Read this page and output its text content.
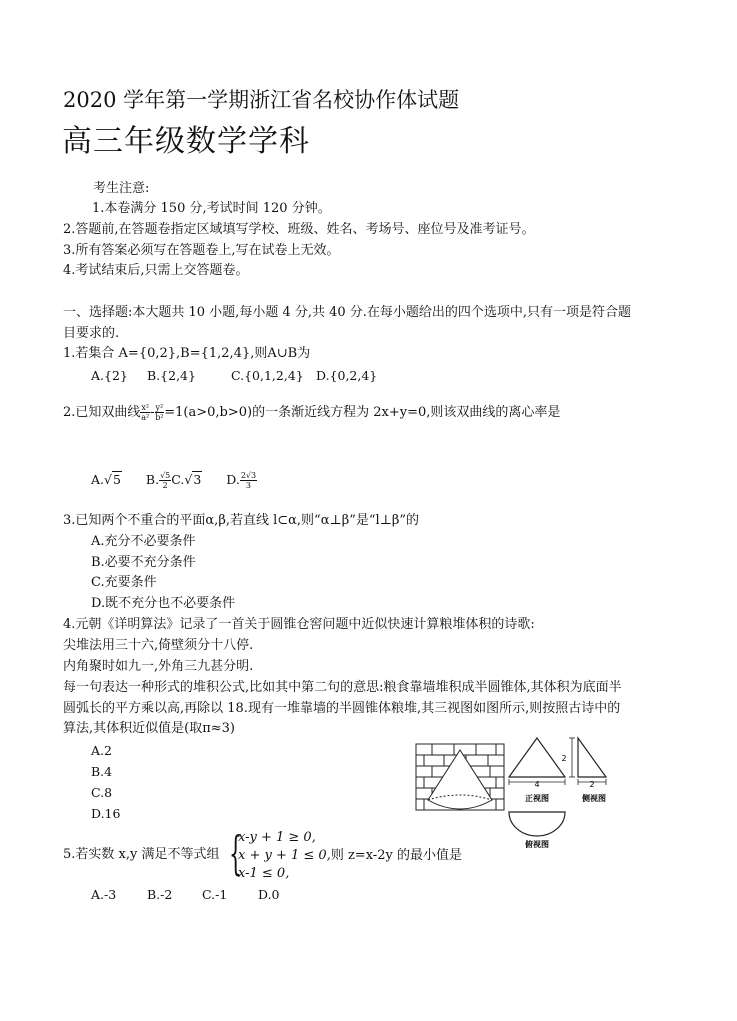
2020 学年第一学期浙江省名校协作体试题
高三年级数学学科
考生注意:
1.本卷满分 150 分,考试时间 120 分钟。
2.答题前,在答题卷指定区域填写学校、班级、姓名、考场号、座位号及准考证号。
3.所有答案必须写在答题卷上,写在试卷上无效。
4.考试结束后,只需上交答题卷。
一、选择题:本大题共 10 小题,每小题 4 分,共 40 分.在每小题给出的四个选项中,只有一项是符合题
目要求的.
1.若集合 A={0,2},B={1,2,4},则A∪B为
A.{2} B.{2,4}	C.{0,1,2,4} D.{0,2,4}
2.已知双曲线 $\frac{\text{x²}}{\text{a²}} - \frac{\text{y²}}{\text{b²}} =1(a>0,b>0)$的一条渐近线方程为 2x+y=0,则该双曲线的离心率是
A.√5 B. $\frac{√5}{2} C.√3$ D. $\frac{2√3}{3}$
3.已知两个不重合的平面α,β,若直线 l⊂α,则“α⊥β”是“l⊥β”的
A.充分不必要条件
B.必要不充分条件
C.充要条件
D.既不充分也不必要条件
4.元朝《详明算法》记录了一首关于圆锥仓窖问题中近似快速计算粮堆体积的诗歌:
尖堆法用三十六,倚壁须分十八停.
内角聚时如九一,外角三九甚分明.
每一句表达一种形式的堆积公式,比如其中第二句的意思:粮食靠墙堆积成半圆锥体,其体积为底面半
圆弧长的平方乘以高,再除以 18.现有一堆靠墙的半圆锥体粮堆,其三视图如图所示,则按照古诗中的
算法,其体积近似值是(取π≈3)
A.2
B.4
C.8
D.16
4
正视图
2
2
侧视图
俯视图
5.若实数 x,y 满足不等式组 {
x-y + 1 ≥ 0,
x + y + 1 ≤ 0,则 z=x-2y 的最小值是
x-1 ≤ 0,
A.-3 B.-2 C.-1 D.0
